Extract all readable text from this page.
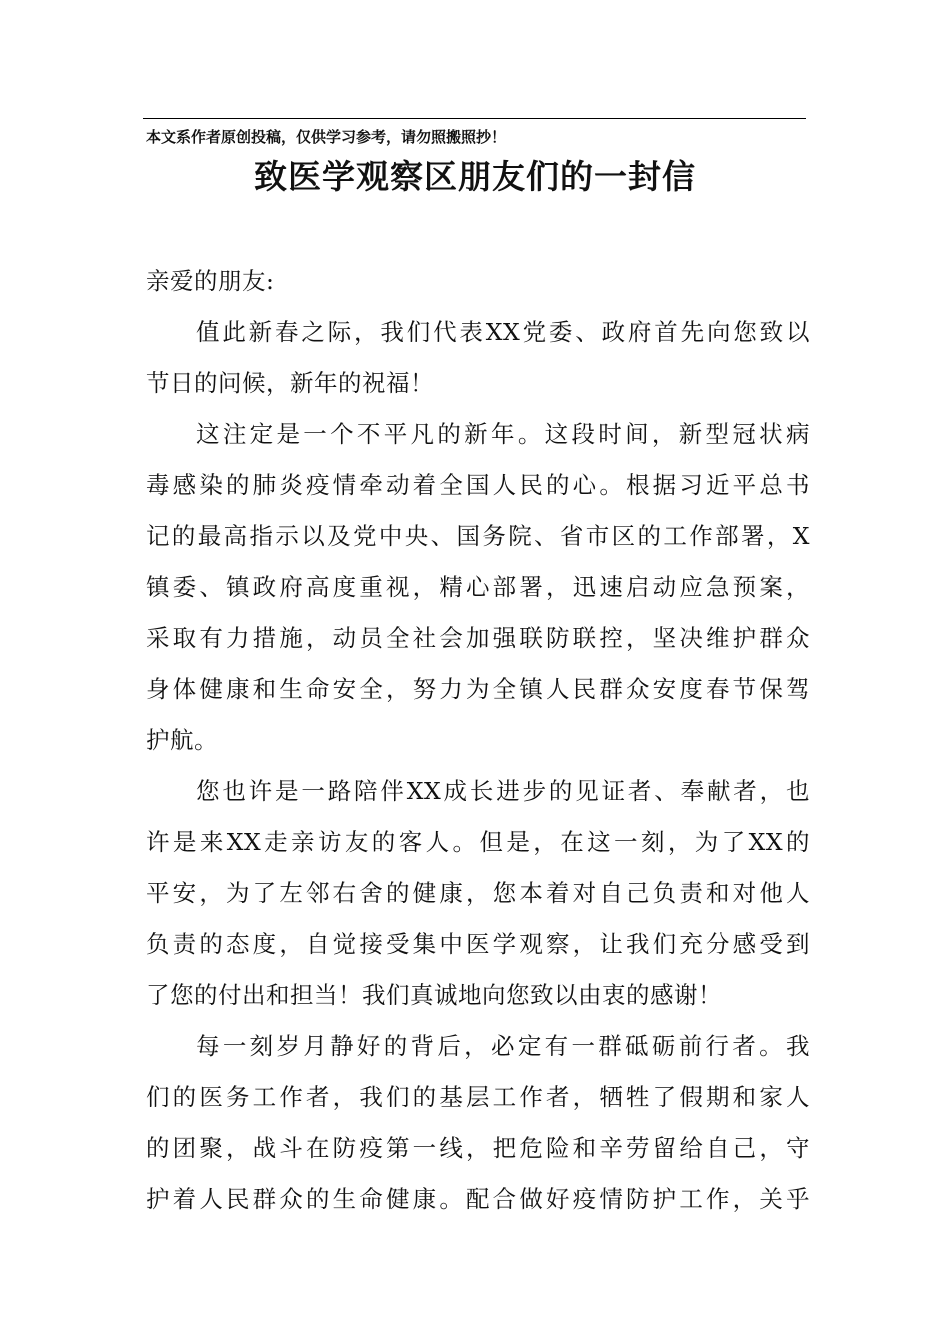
本文系作者原创投稿，仅供学习参考，请勿照搬照抄！
致医学观察区朋友们的一封信
亲爱的朋友:
值此新春之际，我们代表XX党委、政府首先向您致以
节日的问候，新年的祝福！
这注定是一个不平凡的新年。这段时间，新型冠状病
毒感染的肺炎疫情牵动着全国人民的心。根据习近平总书
记的最高指示以及党中央、国务院、省市区的工作部署，X
镇委、镇政府高度重视，精心部署，迅速启动应急预案，
采取有力措施，动员全社会加强联防联控，坚决维护群众
身体健康和生命安全，努力为全镇人民群众安度春节保驾
护航。
您也许是一路陪伴XX成长进步的见证者、奉献者，也
许是来XX走亲访友的客人。但是，在这一刻，为了XX的
平安，为了左邻右舍的健康，您本着对自己负责和对他人
负责的态度，自觉接受集中医学观察，让我们充分感受到
了您的付出和担当！我们真诚地向您致以由衷的感谢！
每一刻岁月静好的背后，必定有一群砥砺前行者。我
们的医务工作者，我们的基层工作者，牺牲了假期和家人
的团聚，战斗在防疫第一线，把危险和辛劳留给自己，守
护着人民群众的生命健康。配合做好疫情防护工作，关乎
